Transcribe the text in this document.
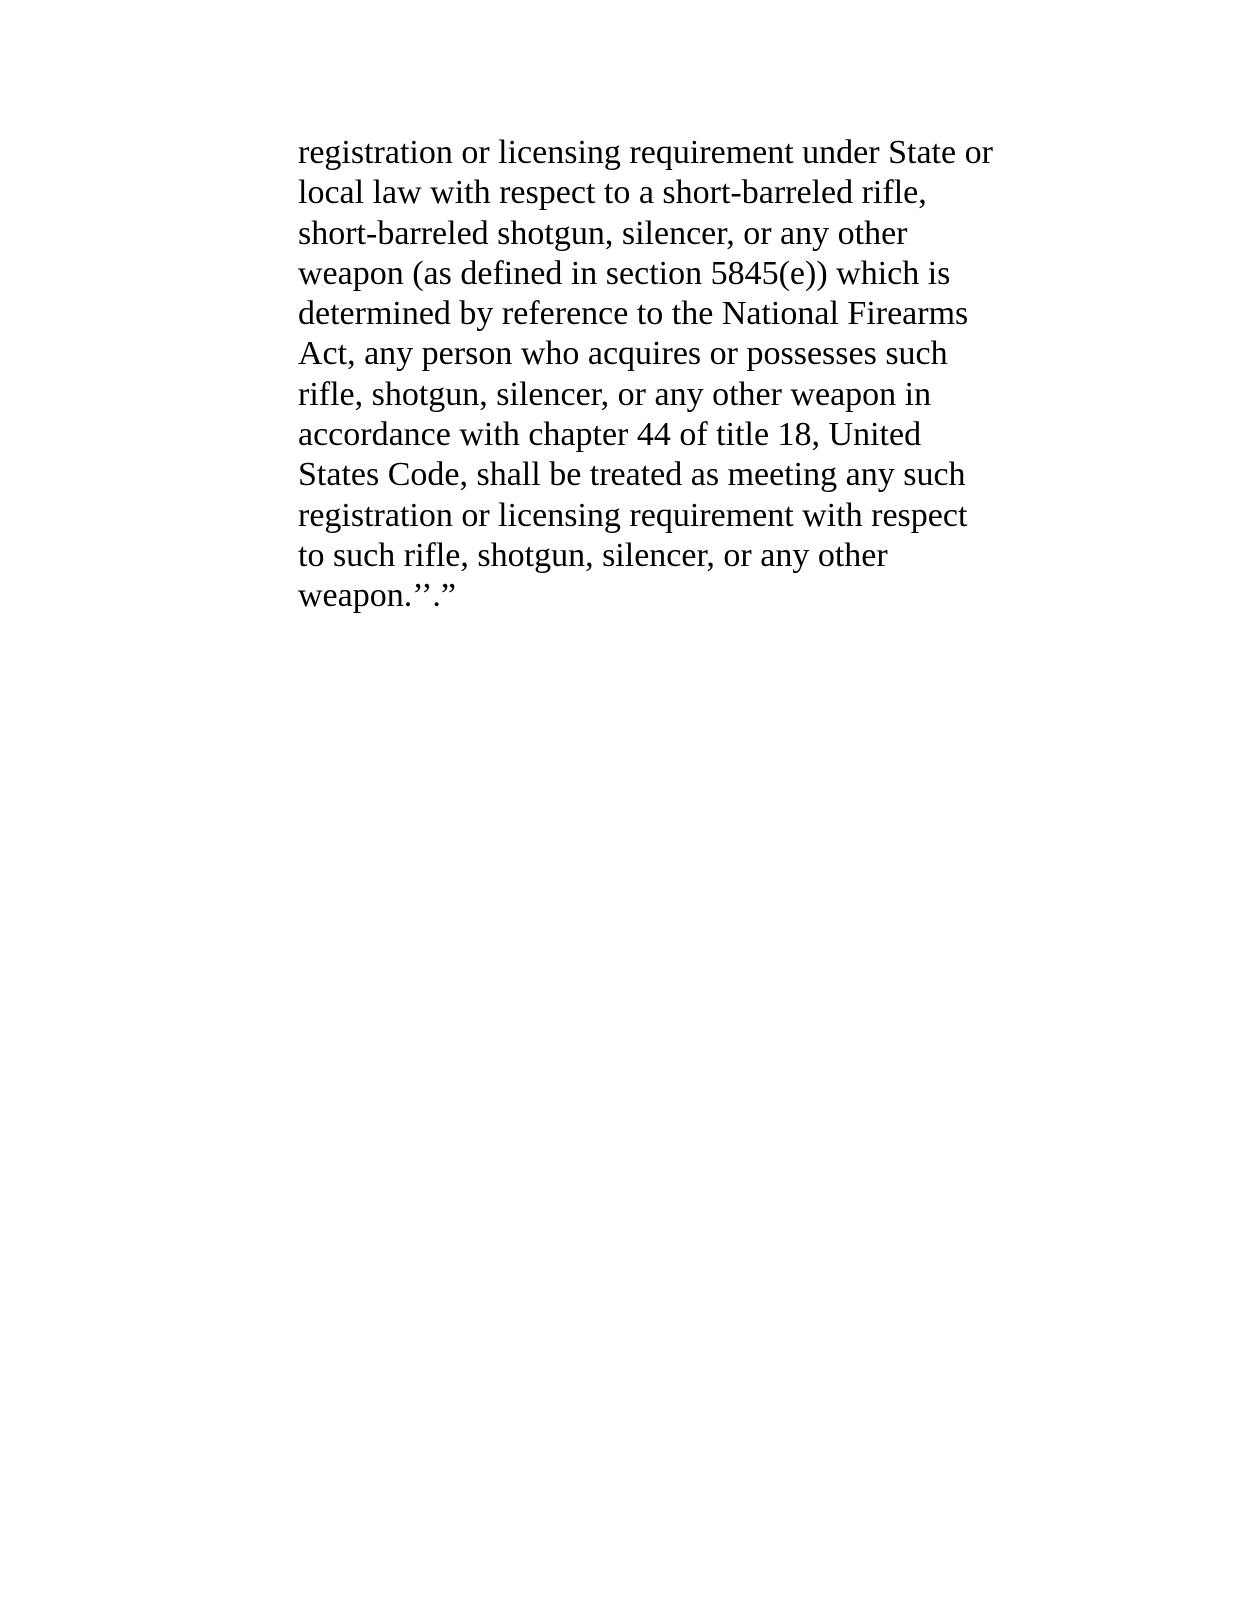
registration or licensing requirement under State or
local law with respect to a short-barreled rifle,
short-barreled shotgun, silencer, or any other
weapon (as defined in section 5845(e)) which is
determined by reference to the National Firearms
Act, any person who acquires or possesses such
rifle, shotgun, silencer, or any other weapon in
accordance with chapter 44 of title 18, United
States Code, shall be treated as meeting any such
registration or licensing requirement with respect
to such rifle, shotgun, silencer, or any other
weapon.’’.”
